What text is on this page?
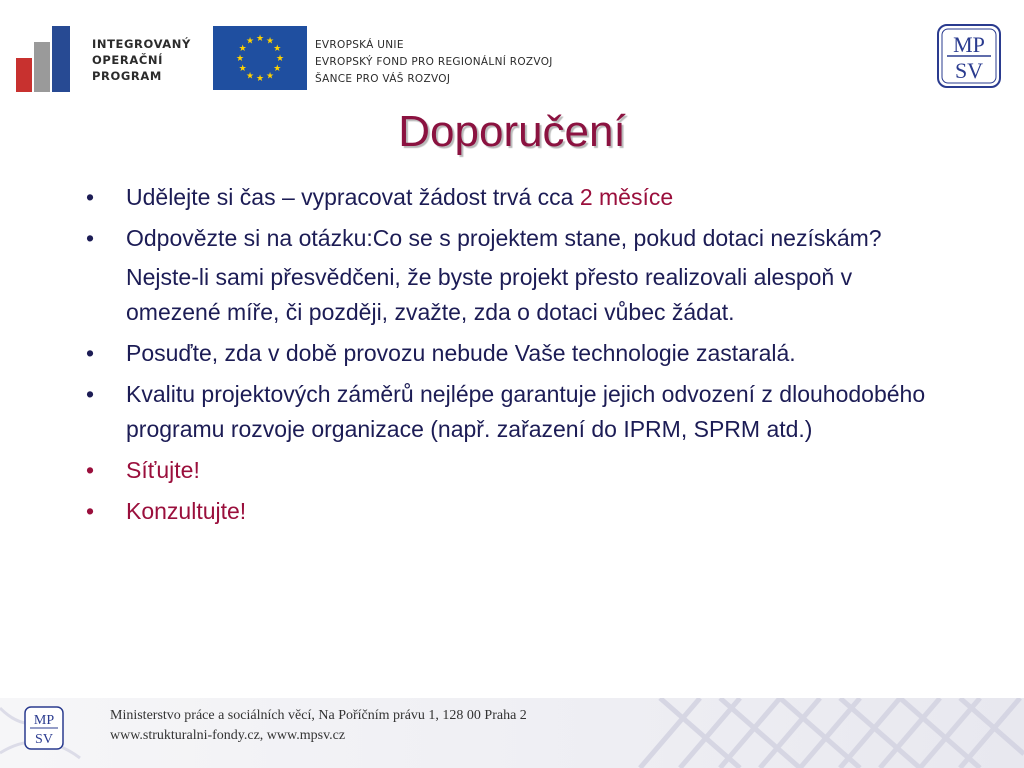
INTEGROVANÝ
OPERAČNÍ
PROGRAM
★ ★
★
★
★
★
★
★
★
★
★
★	EVROPSKÁ UNIE
EVROPSKÝ FOND PRO REGIONÁLNÍ ROZVOJ
ŠANCE PRO VÁŠ ROZVOJ
MP
SV
Doporučení
•	Udělejte si čas – vypracovat žádost trvá cca 2 měsíce
•	Odpovězte si na otázku:Co se s projektem stane, pokud dotaci nezískám?
Nejste-li sami přesvědčeni, že byste projekt přesto realizovali alespoň v omezené míře, či později, zvažte, zda o dotaci vůbec žádat.
•	Posuďte, zda v době provozu nebude Vaše technologie zastaralá.
•	Kvalitu projektových záměrů nejlépe garantuje jejich odvození z dlouhodobého programu rozvoje organizace (např. zařazení do IPRM, SPRM atd.)
•	Síťujte!
•	Konzultujte!
MP
SV
Ministerstvo práce a sociálních věcí, Na Poříčním právu 1, 128 00 Praha 2
www.strukturalni-fondy.cz, www.mpsv.cz
